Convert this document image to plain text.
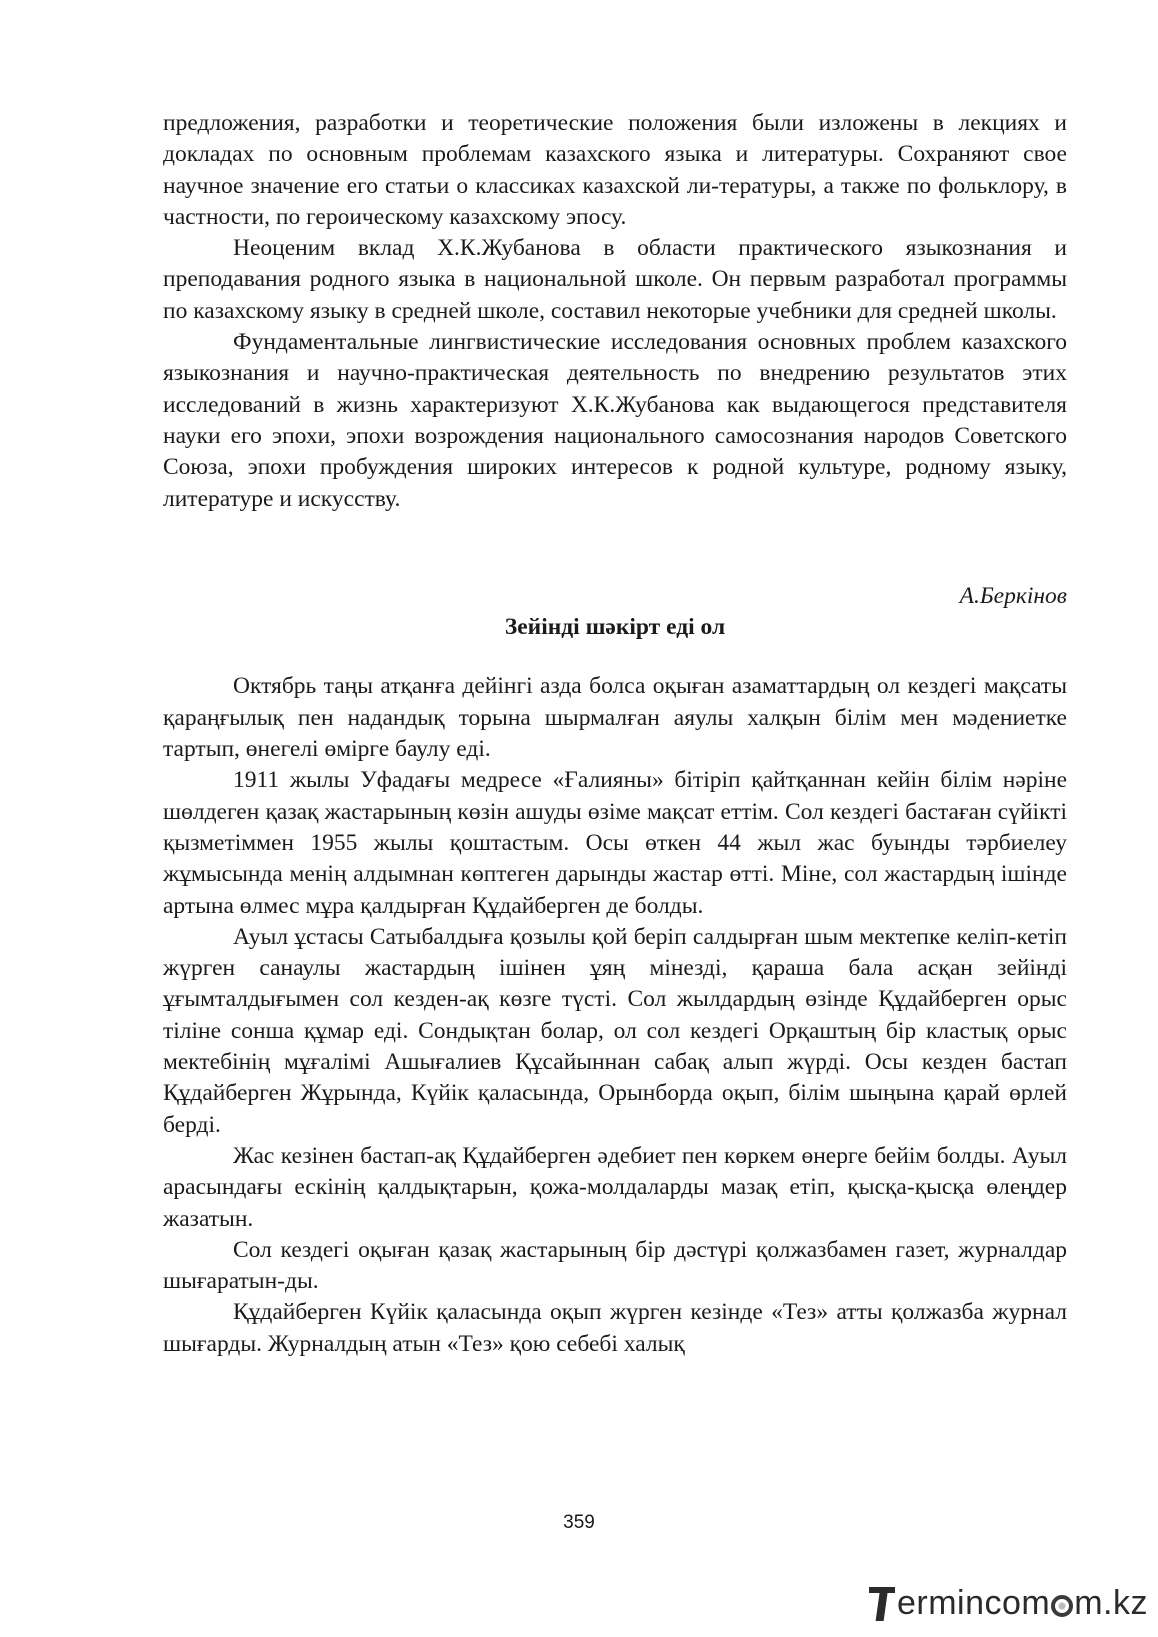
предложения, разработки и теоретические положения были изложены в лекциях и докладах по основным проблемам казахского языка и литературы. Сохраняют свое научное значение его статьи о классиках казахской ли-тературы, а также по фольклору, в частности, по героическому казахскому эпосу.

Неоценим вклад Х.К.Жубанова в области практического языкознания и преподавания родного языка в национальной школе. Он первым разработал программы по казахскому языку в средней школе, составил некоторые учебники для средней школы.

Фундаментальные лингвистические исследования основных проблем казахского языкознания и научно-практическая деятельность по внедрению результатов этих исследований в жизнь характеризуют Х.К.Жубанова как выдающегося представителя науки его эпохи, эпохи возрождения национального самосознания народов Советского Союза, эпохи пробуждения широких интересов к родной культуре, родному языку, литературе и искусству.

А.Беркінов

Зейінді шәкірт еді ол

Октябрь таңы атқанға дейінгі азда болса оқыған азаматтардың ол кездегі мақсаты қараңғылық пен надандық торына шырмалған аяулы халқын білім мен мәдениетке тартып, өнегелі өмірге баулу еді.

1911 жылы Уфадағы медресе «Ғалияны» бітіріп қайтқаннан кейін білім нәріне шөлдеген қазақ жастарының көзін ашуды өзіме мақсат еттім. Сол кездегі бастаған сүйікті қызметіммен 1955 жылы қоштастым. Осы өткен 44 жыл жас буынды тәрбиелеу жұмысында менің алдымнан көптеген дарынды жастар өтті. Міне, сол жастардың ішінде артына өлмес мұра қалдырған Құдайберген де болды.

Ауыл ұстасы Сатыбалдыға қозылы қой беріп салдырған шым мектепке келіп-кетіп жүрген санаулы жастардың ішінен ұяң мінезді, қараша бала асқан зейінді ұғымталдығымен сол кезден-ақ көзге түсті. Сол жылдардың өзінде Құдайберген орыс тіліне сонша құмар еді. Сондықтан болар, ол сол кездегі Орқаштың бір кластық орыс мектебінің мұғалімі Ашығалиев Құсайыннан сабақ алып жүрді. Осы кезден бастап Құдайберген Жұрында, Күйік қаласында, Орынборда оқып, білім шыңына қарай өрлей берді.

Жас кезінен бастап-ақ Құдайберген әдебиет пен көркем өнерге бейім болды. Ауыл арасындағы ескінің қалдықтарын, қожа-молдаларды мазақ етіп, қысқа-қысқа өлеңдер жазатын.

Сол кездегі оқыған қазақ жастарының бір дәстүрі қолжазбамен газет, журналдар шығаратын-ды.

Құдайберген Күйік қаласында оқып жүрген кезінде «Тез» атты қолжазба журнал шығарды. Журналдың атын «Тез» қою себебі халық

359
ermincom m.kz
